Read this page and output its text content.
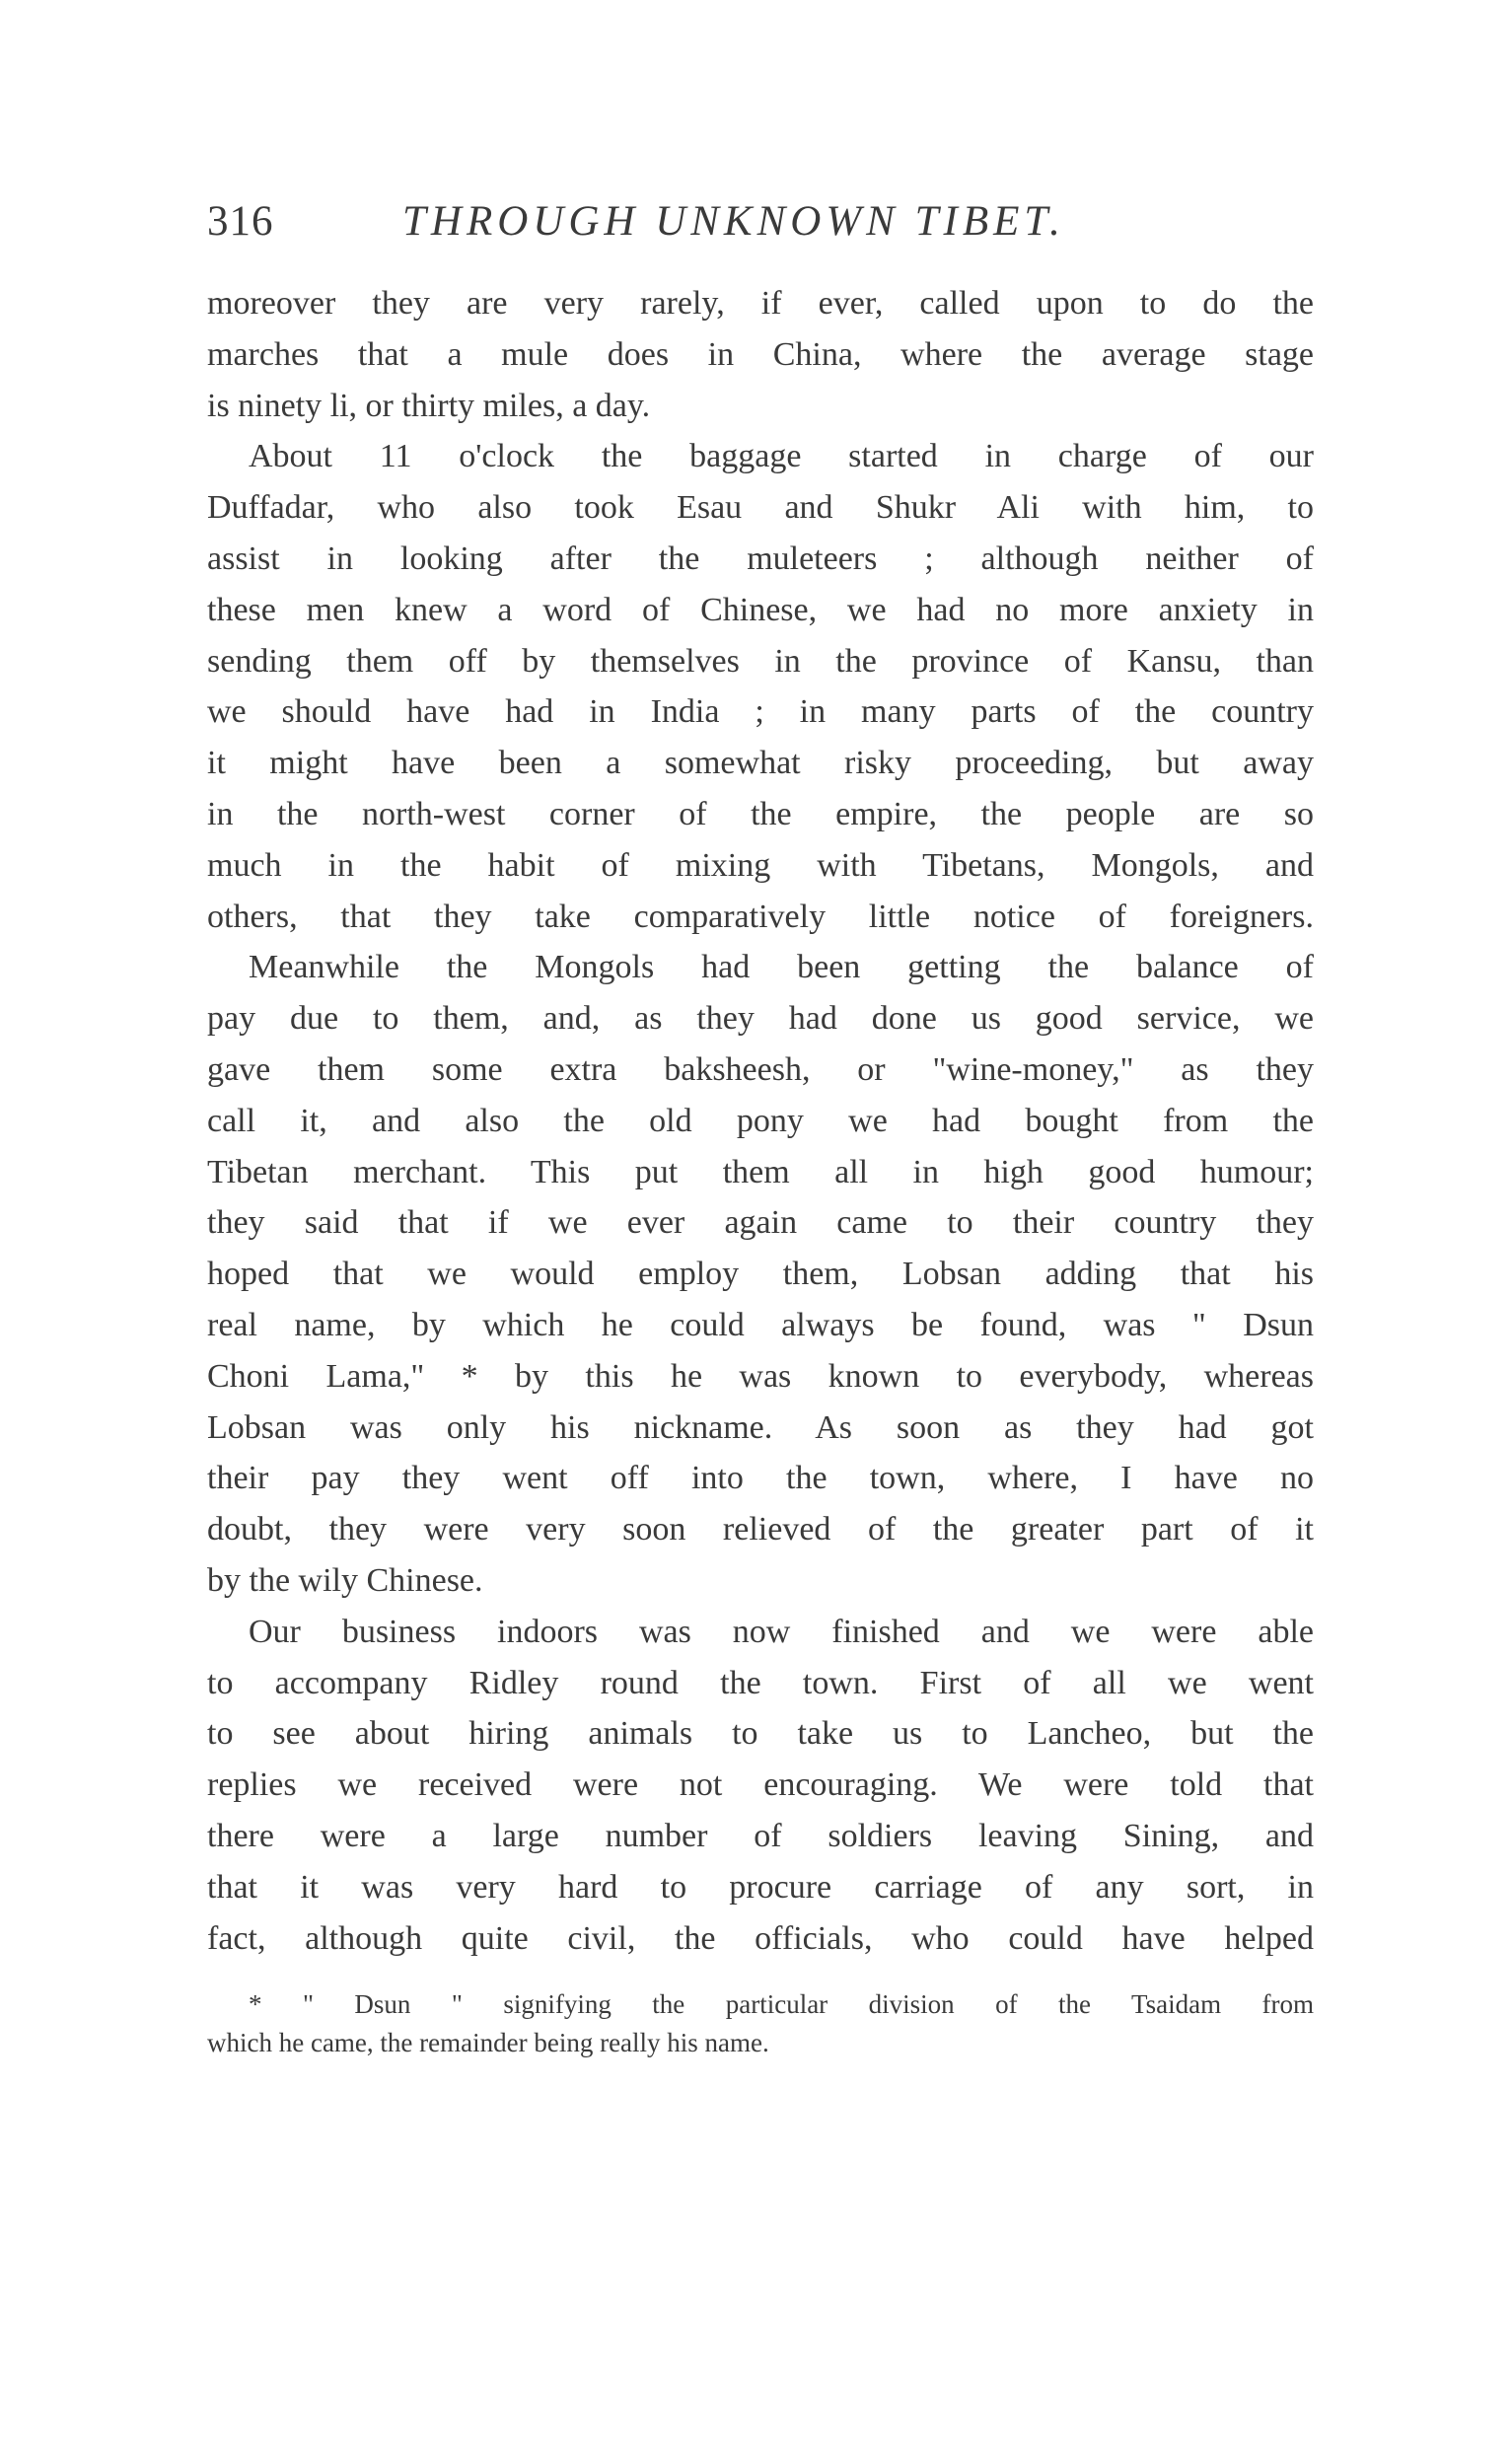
316	THROUGH UNKNOWN TIBET.

moreover they are very rarely, if ever, called upon to do the

marches that a mule does in China, where the average stage

is ninety li, or thirty miles, a day.

About 11 o'clock the baggage started in charge of our

Duffadar, who also took Esau and Shukr Ali with him, to

assist in looking after the muleteers ; although neither of

these men knew a word of Chinese, we had no more anxiety in

sending them off by themselves in the province of Kansu, than

we should have had in India ; in many parts of the country

it might have been a somewhat risky proceeding, but away

in the north-west corner of the empire, the people are so

much in the habit of mixing with Tibetans, Mongols, and

others, that they take comparatively little notice of foreigners.

Meanwhile the Mongols had been getting the balance of

pay due to them, and, as they had done us good service, we

gave them some extra baksheesh, or "wine-money," as they

call it, and also the old pony we had bought from the

Tibetan merchant. This put them all in high good humour;

they said that if we ever again came to their country they

hoped that we would employ them, Lobsan adding that his

real name, by which he could always be found, was " Dsun

Choni Lama," * by this he was known to everybody, whereas

Lobsan was only his nickname. As soon as they had got

their pay they went off into the town, where, I have no

doubt, they were very soon relieved of the greater part of it

by the wily Chinese.

Our business indoors was now finished and we were able

to accompany Ridley round the town. First of all we went

to see about hiring animals to take us to Lancheo, but the

replies we received were not encouraging. We were told that

there were a large number of soldiers leaving Sining, and

that it was very hard to procure carriage of any sort, in

fact, although quite civil, the officials, who could have helped

* " Dsun " signifying the particular division of the Tsaidam from

which he came, the remainder being really his name.
